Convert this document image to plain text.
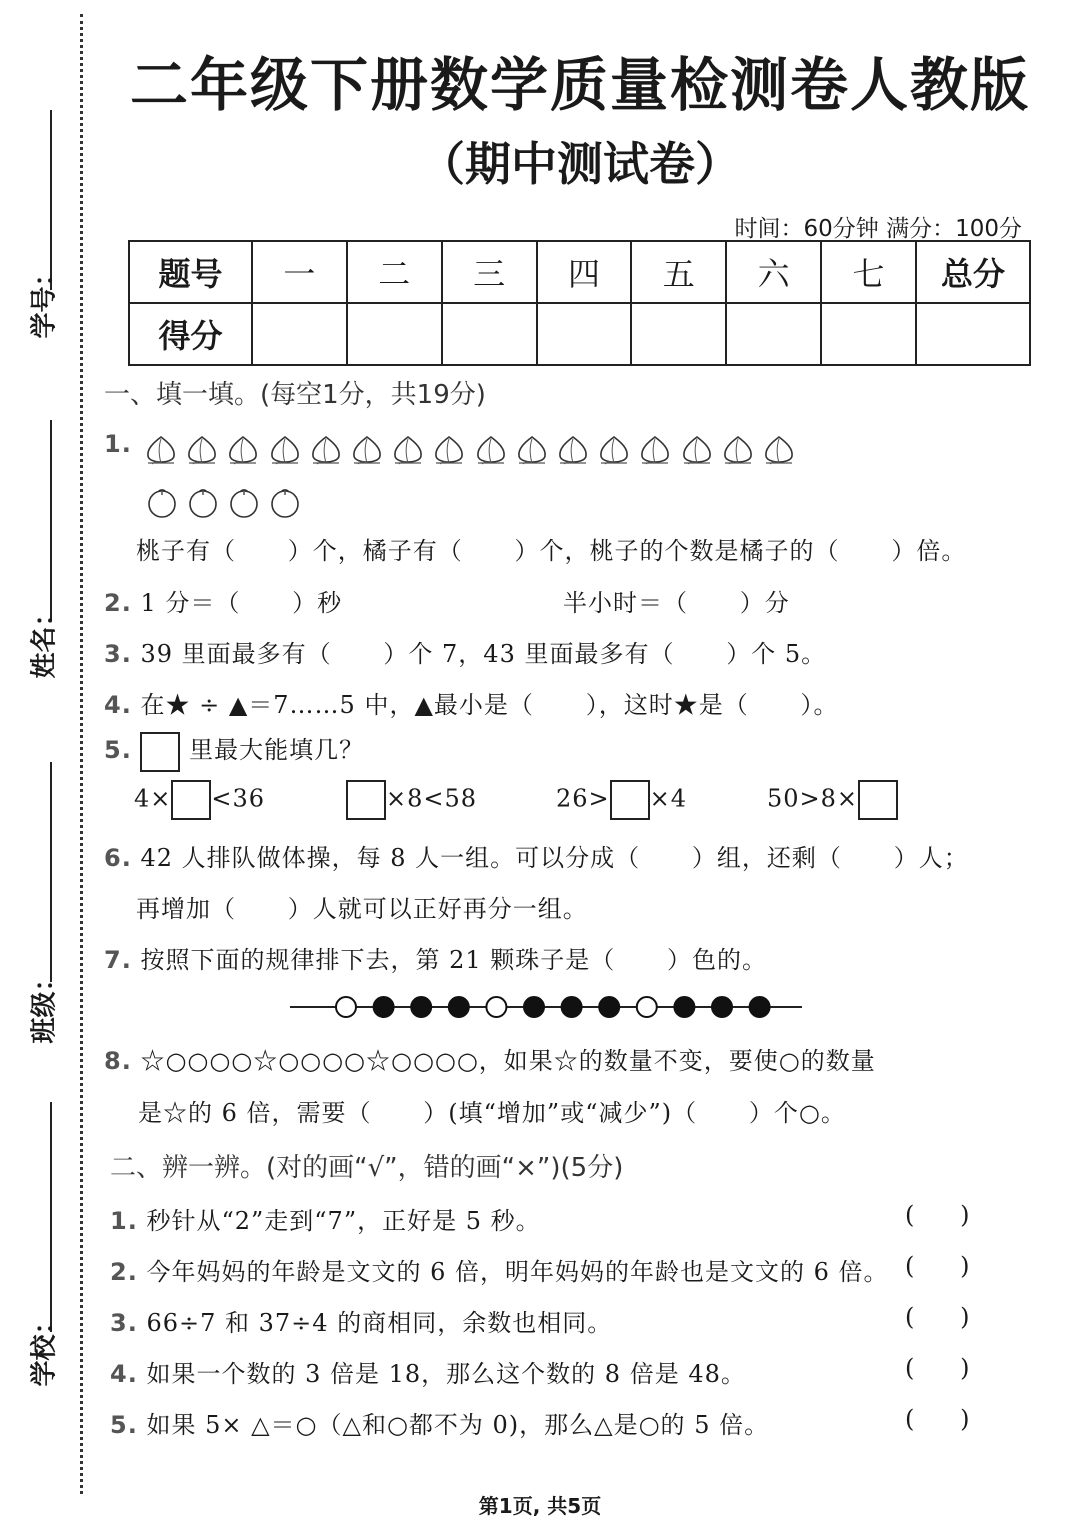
学号：
姓名：
班级：
学校：
二年级下册数学质量检测卷人教版
（期中测试卷）
时间：60分钟 满分：100分
题号	一	二	三	四	五	六	七	总分
得分								
一、填一填。(每空1分，共19分)
1.
桃子有（      ）个，橘子有（      ）个，桃子的个数是橘子的（      ）倍。
2. 1 分＝（      ）秒	半小时＝（      ）分
3. 39 里面最多有（      ）个 7，43 里面最多有（      ）个 5。
4. 在★ ÷ ▲＝7……5 中，▲最小是（      ），这时★是（      ）。
5. 里最大能填几？
4× <36	×8<58	26> ×4	50>8×
6. 42 人排队做体操，每 8 人一组。可以分成（      ）组，还剩（      ）人；
再增加（      ）人就可以正好再分一组。
7. 按照下面的规律排下去，第 21 颗珠子是（      ）色的。
8. ☆○○○○☆○○○○☆○○○○，如果☆的数量不变，要使○的数量
是☆的 6 倍，需要（      ）(填“增加”或“减少”)（      ）个○。
二、辨一辨。(对的画“√”，错的画“×”)(5分)
1. 秒针从“2”走到“7”，正好是 5 秒。	(      )
2. 今年妈妈的年龄是文文的 6 倍，明年妈妈的年龄也是文文的 6 倍。 (      )
3. 66÷7 和 37÷4 的商相同，余数也相同。	(      )
4. 如果一个数的 3 倍是 18，那么这个数的 8 倍是 48。	(      )
5. 如果 5× △＝○（△和○都不为 0)，那么△是○的 5 倍。	(      )
第1页, 共5页
